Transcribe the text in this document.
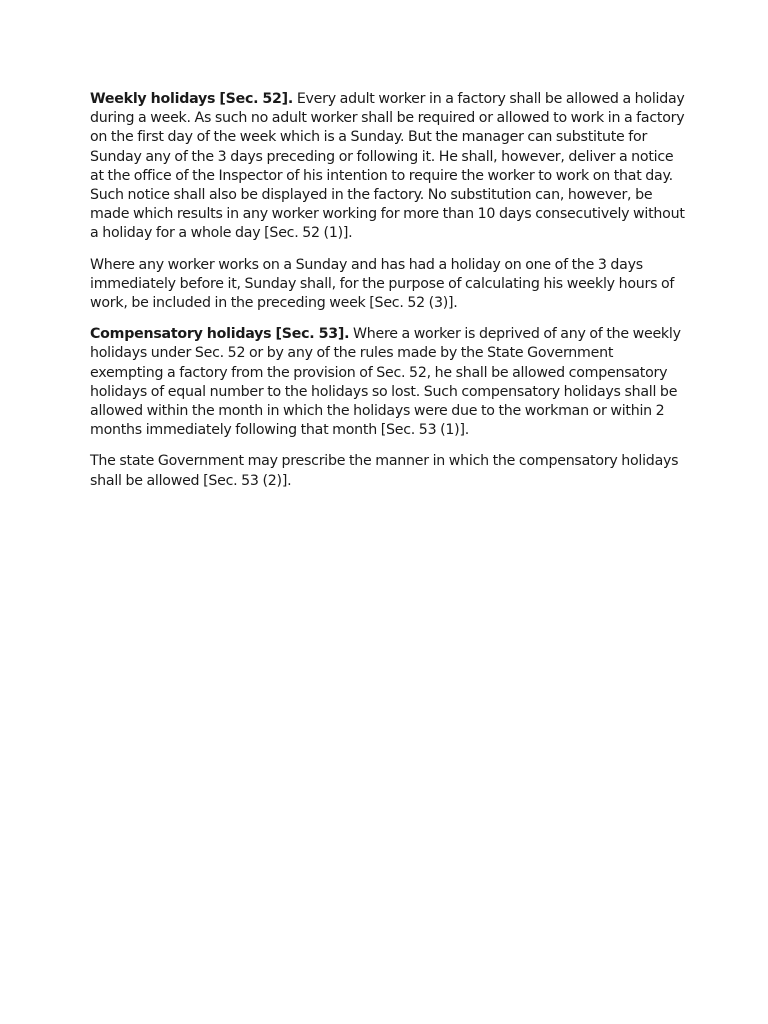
Weekly holidays [Sec. 52]. Every adult worker in a factory shall be allowed a holiday during a week. As such no adult worker shall be required or allowed to work in a factory on the first day of the week which is a Sunday. But the manager can substitute for Sunday any of the 3 days preceding or following it. He shall, however, deliver a notice at the office of the Inspector of his intention to require the worker to work on that day. Such notice shall also be displayed in the factory. No substitution can, however, be made which results in any worker working for more than 10 days consecutively without a holiday for a whole day [Sec. 52 (1)].

Where any worker works on a Sunday and has had a holiday on one of the 3 days immediately before it, Sunday shall, for the purpose of calculating his weekly hours of work, be included in the preceding week [Sec. 52 (3)].

Compensatory holidays [Sec. 53]. Where a worker is deprived of any of the weekly holidays under Sec. 52 or by any of the rules made by the State Government exempting a factory from the provision of Sec. 52, he shall be allowed compensatory holidays of equal number to the holidays so lost. Such compensatory holidays shall be allowed within the month in which the holidays were due to the workman or within 2 months immediately following that month [Sec. 53 (1)].

The state Government may prescribe the manner in which the compensatory holidays shall be allowed [Sec. 53 (2)].
